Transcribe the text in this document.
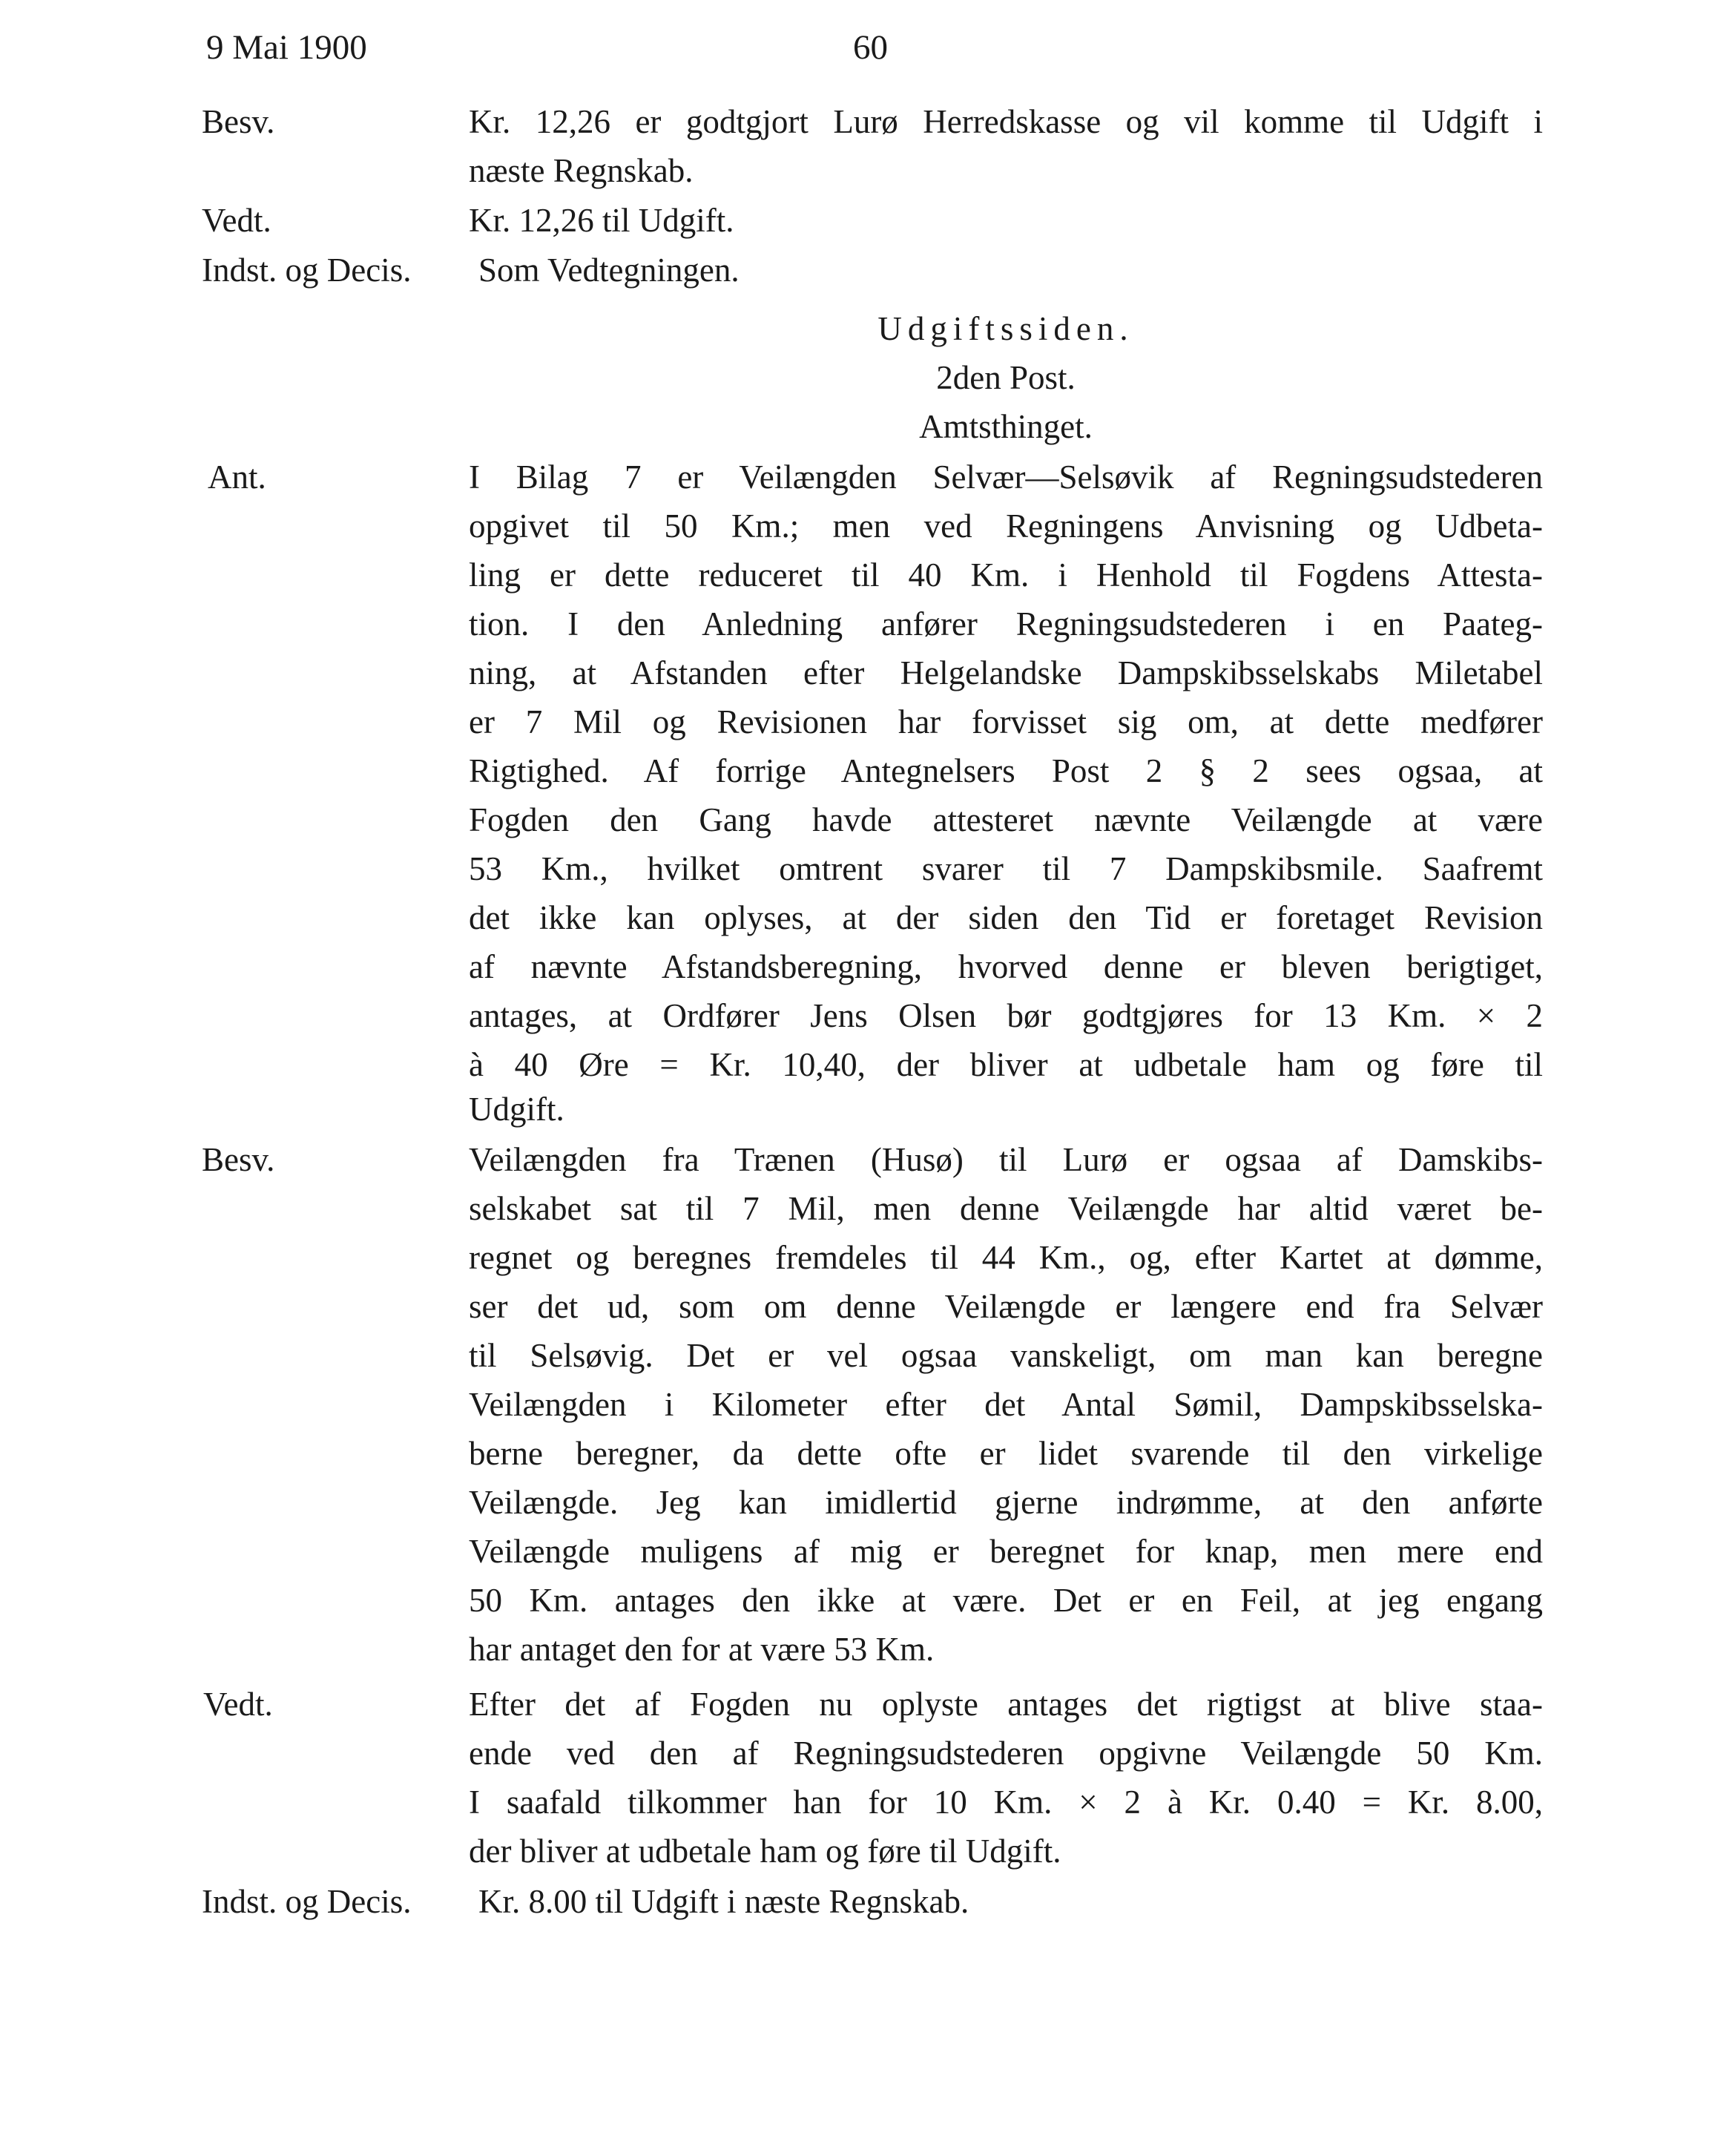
9 Mai 1900	60
Besv.	Kr. 12,26 er godtgjort Lurø Herredskasse og vil komme til Udgift i
næste Regnskab.
Vedt.	Kr. 12,26 til Udgift.
Indst. og Decis. Som Vedtegningen.
Udgiftssiden.
2den Post.
Amtsthinget.
Ant.	I Bilag 7 er Veilængden Selvær—Selsøvik af Regningsudstederen
opgivet til 50 Km.; men ved Regningens Anvisning og Udbeta-
ling er dette reduceret til 40 Km. i Henhold til Fogdens Attesta-
tion. I den Anledning anfører Regningsudstederen i en Paateg-
ning, at Afstanden efter Helgelandske Dampskibsselskabs Miletabel
er 7 Mil og Revisionen har forvisset sig om, at dette medfører
Rigtighed. Af forrige Antegnelsers Post 2 § 2 sees ogsaa, at
Fogden den Gang havde attesteret nævnte Veilængde at være
53 Km., hvilket omtrent svarer til 7 Dampskibsmile. Saafremt
det ikke kan oplyses, at der siden den Tid er foretaget Revision
af nævnte Afstandsberegning, hvorved denne er bleven berigtiget,
antages, at Ordfører Jens Olsen bør godtgjøres for 13 Km. × 2
à 40 Øre = Kr. 10,40, der bliver at udbetale ham og føre til
Udgift.
Besv.	Veilængden fra Trænen (Husø) til Lurø er ogsaa af Damskibs-
selskabet sat til 7 Mil, men denne Veilængde har altid været be-
regnet og beregnes fremdeles til 44 Km., og, efter Kartet at dømme,
ser det ud, som om denne Veilængde er længere end fra Selvær
til Selsøvig. Det er vel ogsaa vanskeligt, om man kan beregne
Veilængden i Kilometer efter det Antal Sømil, Dampskibsselska-
berne beregner, da dette ofte er lidet svarende til den virkelige
Veilængde. Jeg kan imidlertid gjerne indrømme, at den anførte
Veilængde muligens af mig er beregnet for knap, men mere end
50 Km. antages den ikke at være. Det er en Feil, at jeg engang
har antaget den for at være 53 Km.
Vedt.	Efter det af Fogden nu oplyste antages det rigtigst at blive staa-
ende ved den af Regningsudstederen opgivne Veilængde 50 Km.
I saafald tilkommer han for 10 Km. × 2 à Kr. 0.40 = Kr. 8.00,
der bliver at udbetale ham og føre til Udgift.
Indst. og Decis. Kr. 8.00 til Udgift i næste Regnskab.
